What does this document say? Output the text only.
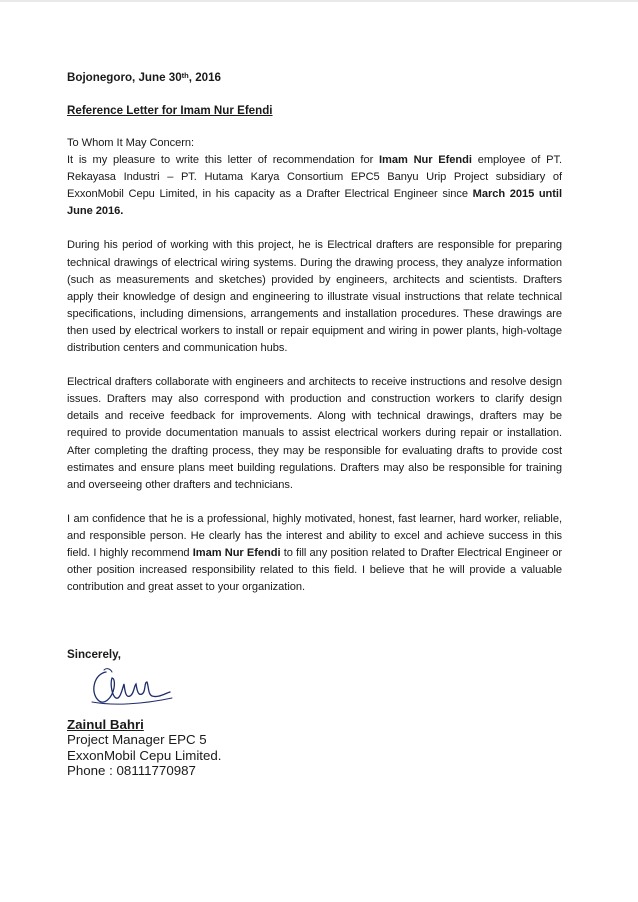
Bojonegoro, June 30th, 2016
Reference Letter for Imam Nur Efendi

To Whom It May Concern:

It is my pleasure to write this letter of recommendation for Imam Nur Efendi employee of PT. Rekayasa Industri – PT. Hutama Karya Consortium EPC5 Banyu Urip Project subsidiary of ExxonMobil Cepu Limited, in his capacity as a Drafter Electrical Engineer since March 2015 until June 2016.

During his period of working with this project, he is Electrical drafters are responsible for preparing technical drawings of electrical wiring systems. During the drawing process, they analyze information (such as measurements and sketches) provided by engineers, architects and scientists. Drafters apply their knowledge of design and engineering to illustrate visual instructions that relate technical specifications, including dimensions, arrangements and installation procedures. These drawings are then used by electrical workers to install or repair equipment and wiring in power plants, high-voltage distribution centers and communication hubs.

Electrical drafters collaborate with engineers and architects to receive instructions and resolve design issues. Drafters may also correspond with production and construction workers to clarify design details and receive feedback for improvements. Along with technical drawings, drafters may be required to provide documentation manuals to assist electrical workers during repair or installation. After completing the drafting process, they may be responsible for evaluating drafts to provide cost estimates and ensure plans meet building regulations. Drafters may also be responsible for training and overseeing other drafters and technicians.

I am confidence that he is a professional, highly motivated, honest, fast learner, hard worker, reliable, and responsible person. He clearly has the interest and ability to excel and achieve success in this field. I highly recommend Imam Nur Efendi to fill any position related to Drafter Electrical Engineer or other position increased responsibility related to this field. I believe that he will provide a valuable contribution and great asset to your organization.

Sincerely,
Zainul Bahri
Project Manager EPC 5
ExxonMobil Cepu Limited.
Phone : 08111770987
